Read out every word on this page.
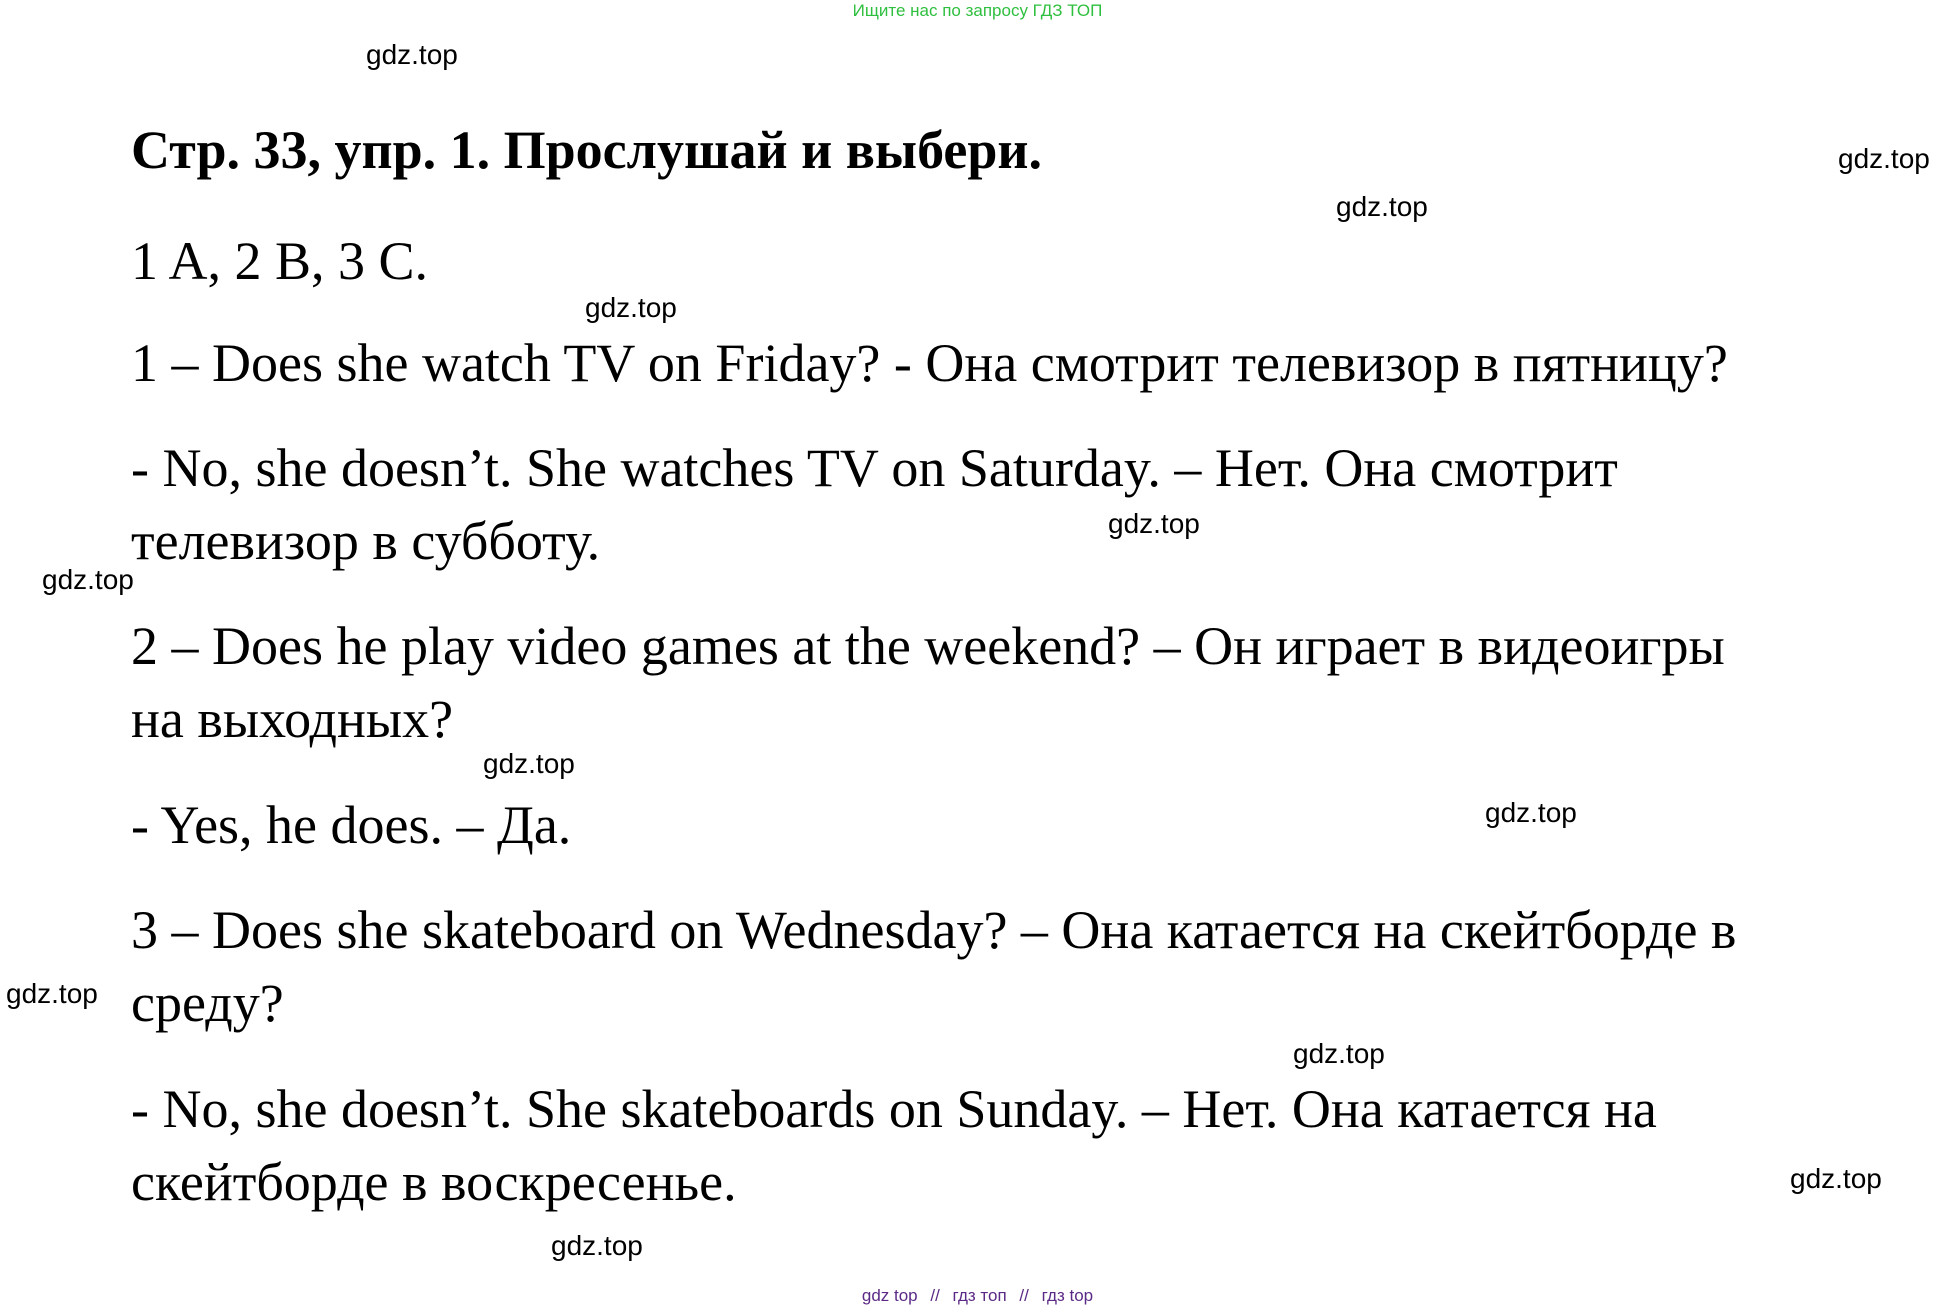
Ищите нас по запросу ГДЗ ТОП
Стр. 33, упр. 1. Прослушай и выбери.
1 A, 2 B, 3 C.
1 – Does she watch TV on Friday? - Она смотрит телевизор в пятницу?
- No, she doesn’t. She watches TV on Saturday. – Нет. Она смотрит
телевизор в субботу.
2 – Does he play video games at the weekend? – Он играет в видеоигры
на выходных?
- Yes, he does. – Да.
3 – Does she skateboard on Wednesday? – Она катается на скейтборде в
среду?
- No, she doesn’t. She skateboards on Sunday. – Нет. Она катается на
скейтборде в воскресенье.
gdz.top
gdz.top
gdz.top
gdz.top
gdz.top
gdz.top
gdz.top
gdz.top
gdz.top
gdz.top
gdz.top
gdz.top
gdz top // гдз топ // гдз top
